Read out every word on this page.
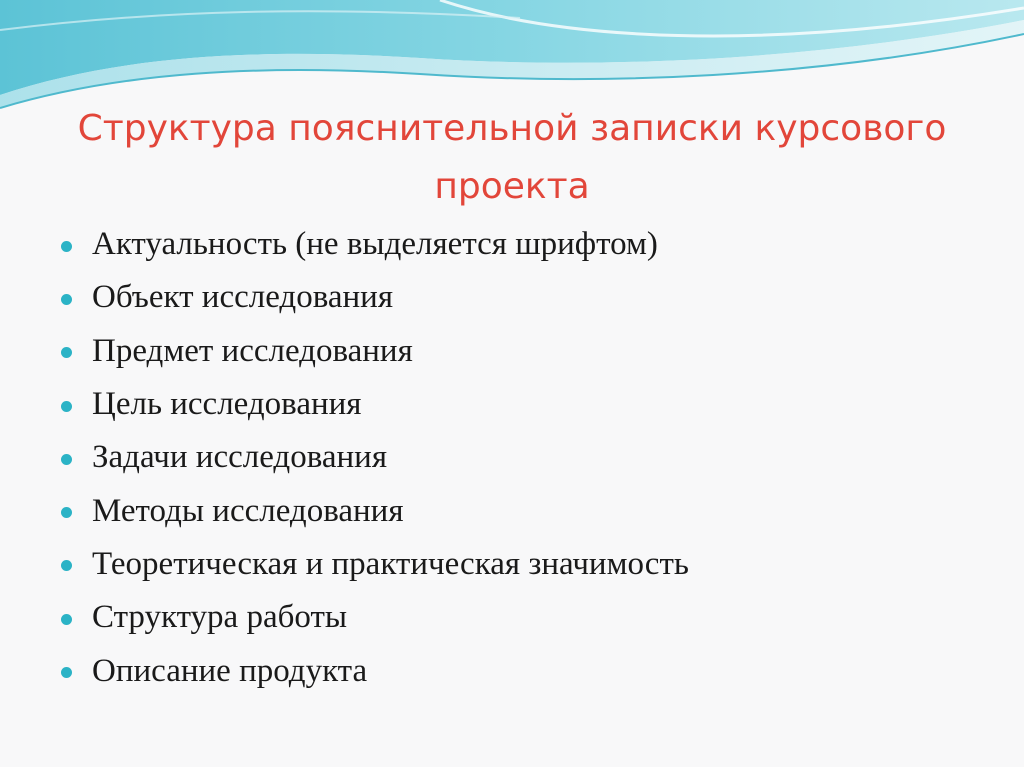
Структура пояснительной записки курсового проекта
Актуальность (не выделяется шрифтом)
Объект исследования
Предмет исследования
Цель исследования
Задачи исследования
Методы исследования
Теоретическая и практическая значимость
Структура работы
Описание продукта
